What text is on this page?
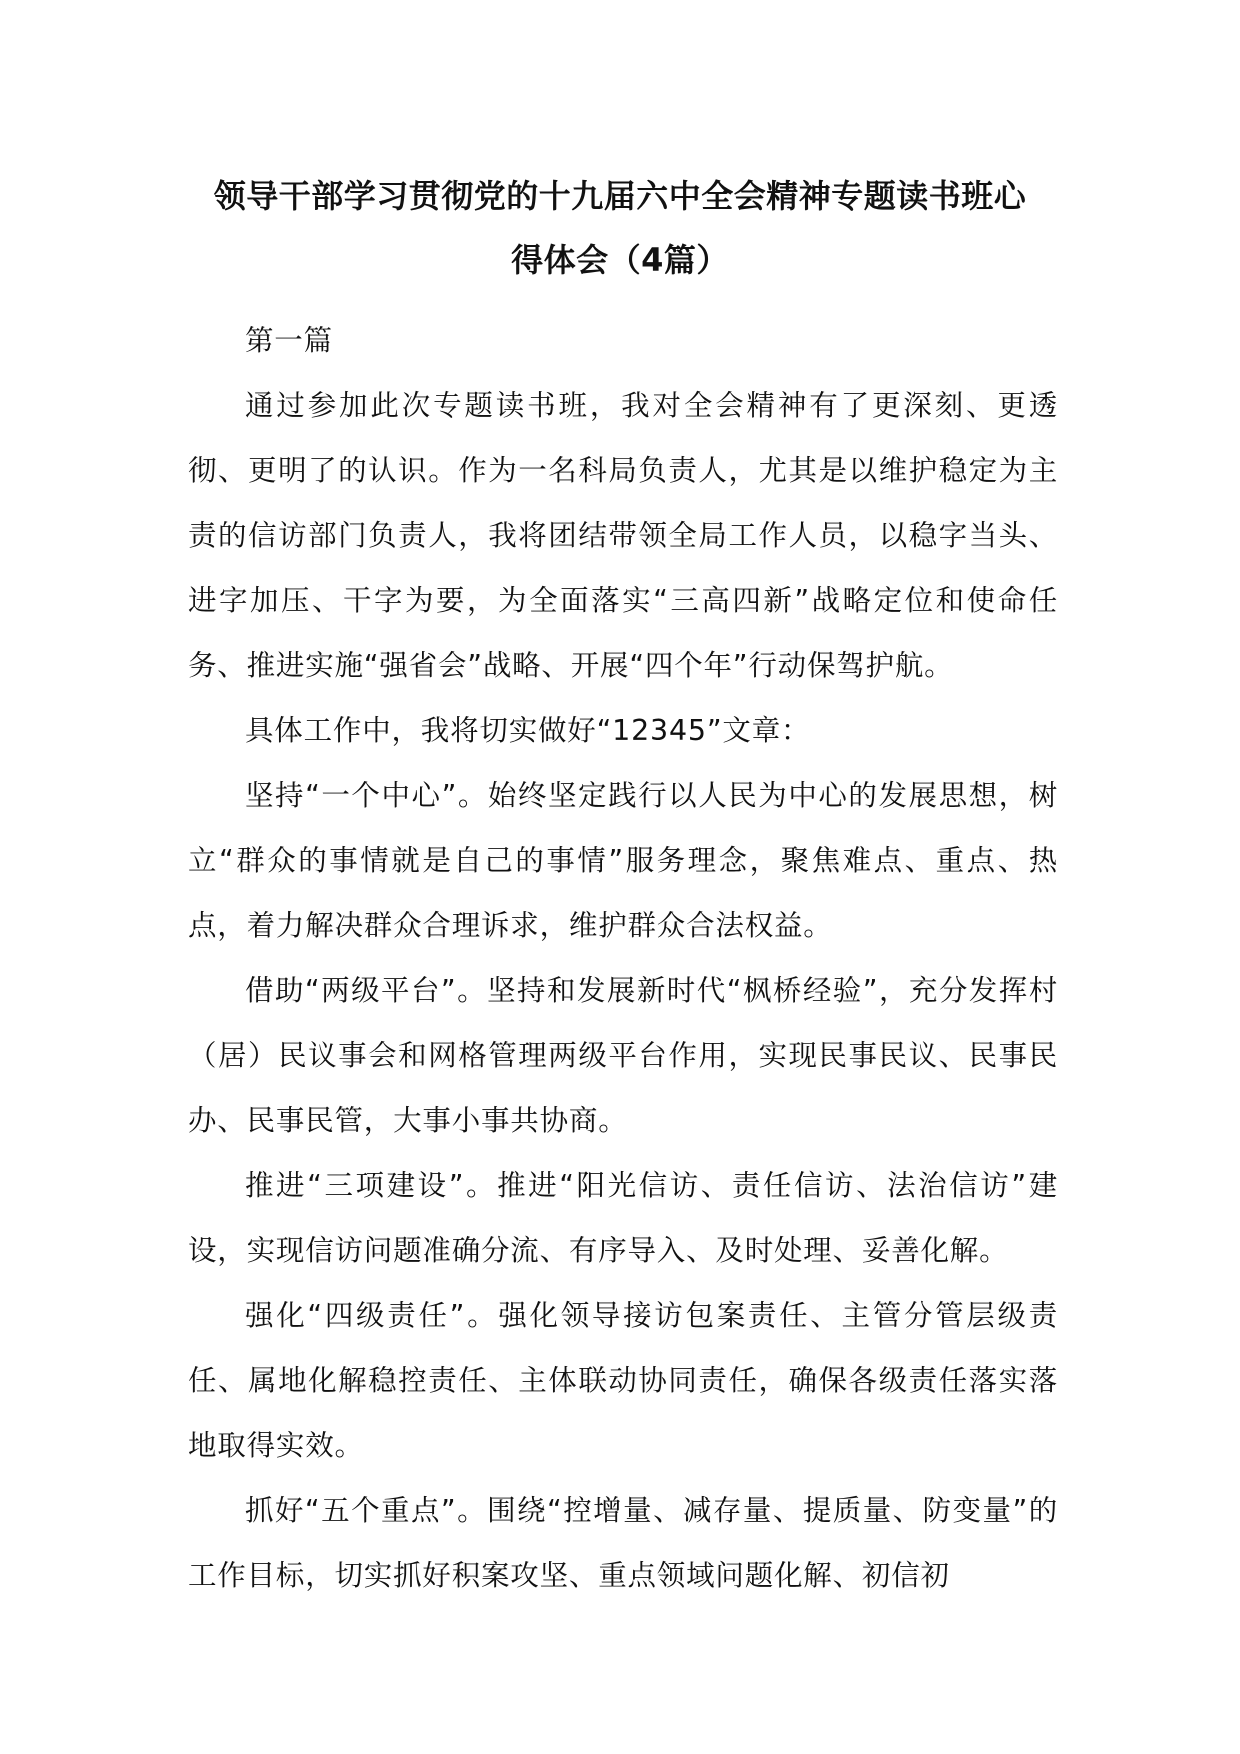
领导干部学习贯彻党的十九届六中全会精神专题读书班心
得体会（4篇）

第一篇

通过参加此次专题读书班，我对全会精神有了更深刻、更透彻、更明了的认识。作为一名科局负责人，尤其是以维护稳定为主责的信访部门负责人，我将团结带领全局工作人员，以稳字当头、进字加压、干字为要，为全面落实“三高四新”战略定位和使命任务、推进实施“强省会”战略、开展“四个年”行动保驾护航。

具体工作中，我将切实做好“12345”文章：

坚持“一个中心”。始终坚定践行以人民为中心的发展思想，树立“群众的事情就是自己的事情”服务理念，聚焦难点、重点、热点，着力解决群众合理诉求，维护群众合法权益。

借助“两级平台”。坚持和发展新时代“枫桥经验”，充分发挥村（居）民议事会和网格管理两级平台作用，实现民事民议、民事民办、民事民管，大事小事共协商。

推进“三项建设”。推进“阳光信访、责任信访、法治信访”建设，实现信访问题准确分流、有序导入、及时处理、妥善化解。

强化“四级责任”。强化领导接访包案责任、主管分管层级责任、属地化解稳控责任、主体联动协同责任，确保各级责任落实落地取得实效。

抓好“五个重点”。围绕“控增量、减存量、提质量、防变量”的工作目标，切实抓好积案攻坚、重点领域问题化解、初信初
